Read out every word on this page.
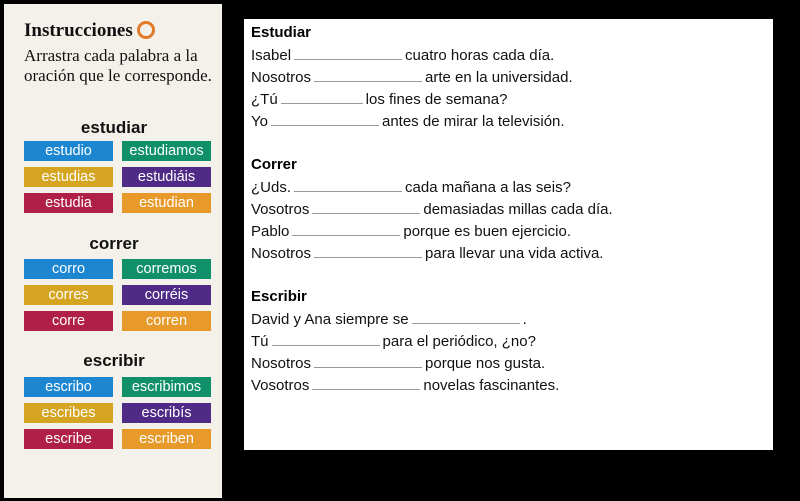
Instrucciones
Arrastra cada palabra a la oración que le corresponde.
estudiar
estudio	estudiamos
estudias	estudiáis
estudia	estudian
correr
corro	corremos
corres	corréis
corre	corren
escribir
escribo	escribimos
escribes	escribís
escribe	escriben
Estudiar
Isabel	cuatro horas cada día.
Nosotros	arte en la universidad.
¿Tú	los fines de semana?
Yo	antes de mirar la televisión.
Correr
¿Uds.	cada mañana a las seis?
Vosotros	demasiadas millas cada día.
Pablo	porque es buen ejercicio.
Nosotros	para llevar una vida activa.
Escribir
David y Ana siempre se	.
Tú	para el periódico, ¿no?
Nosotros	porque nos gusta.
Vosotros	novelas fascinantes.
